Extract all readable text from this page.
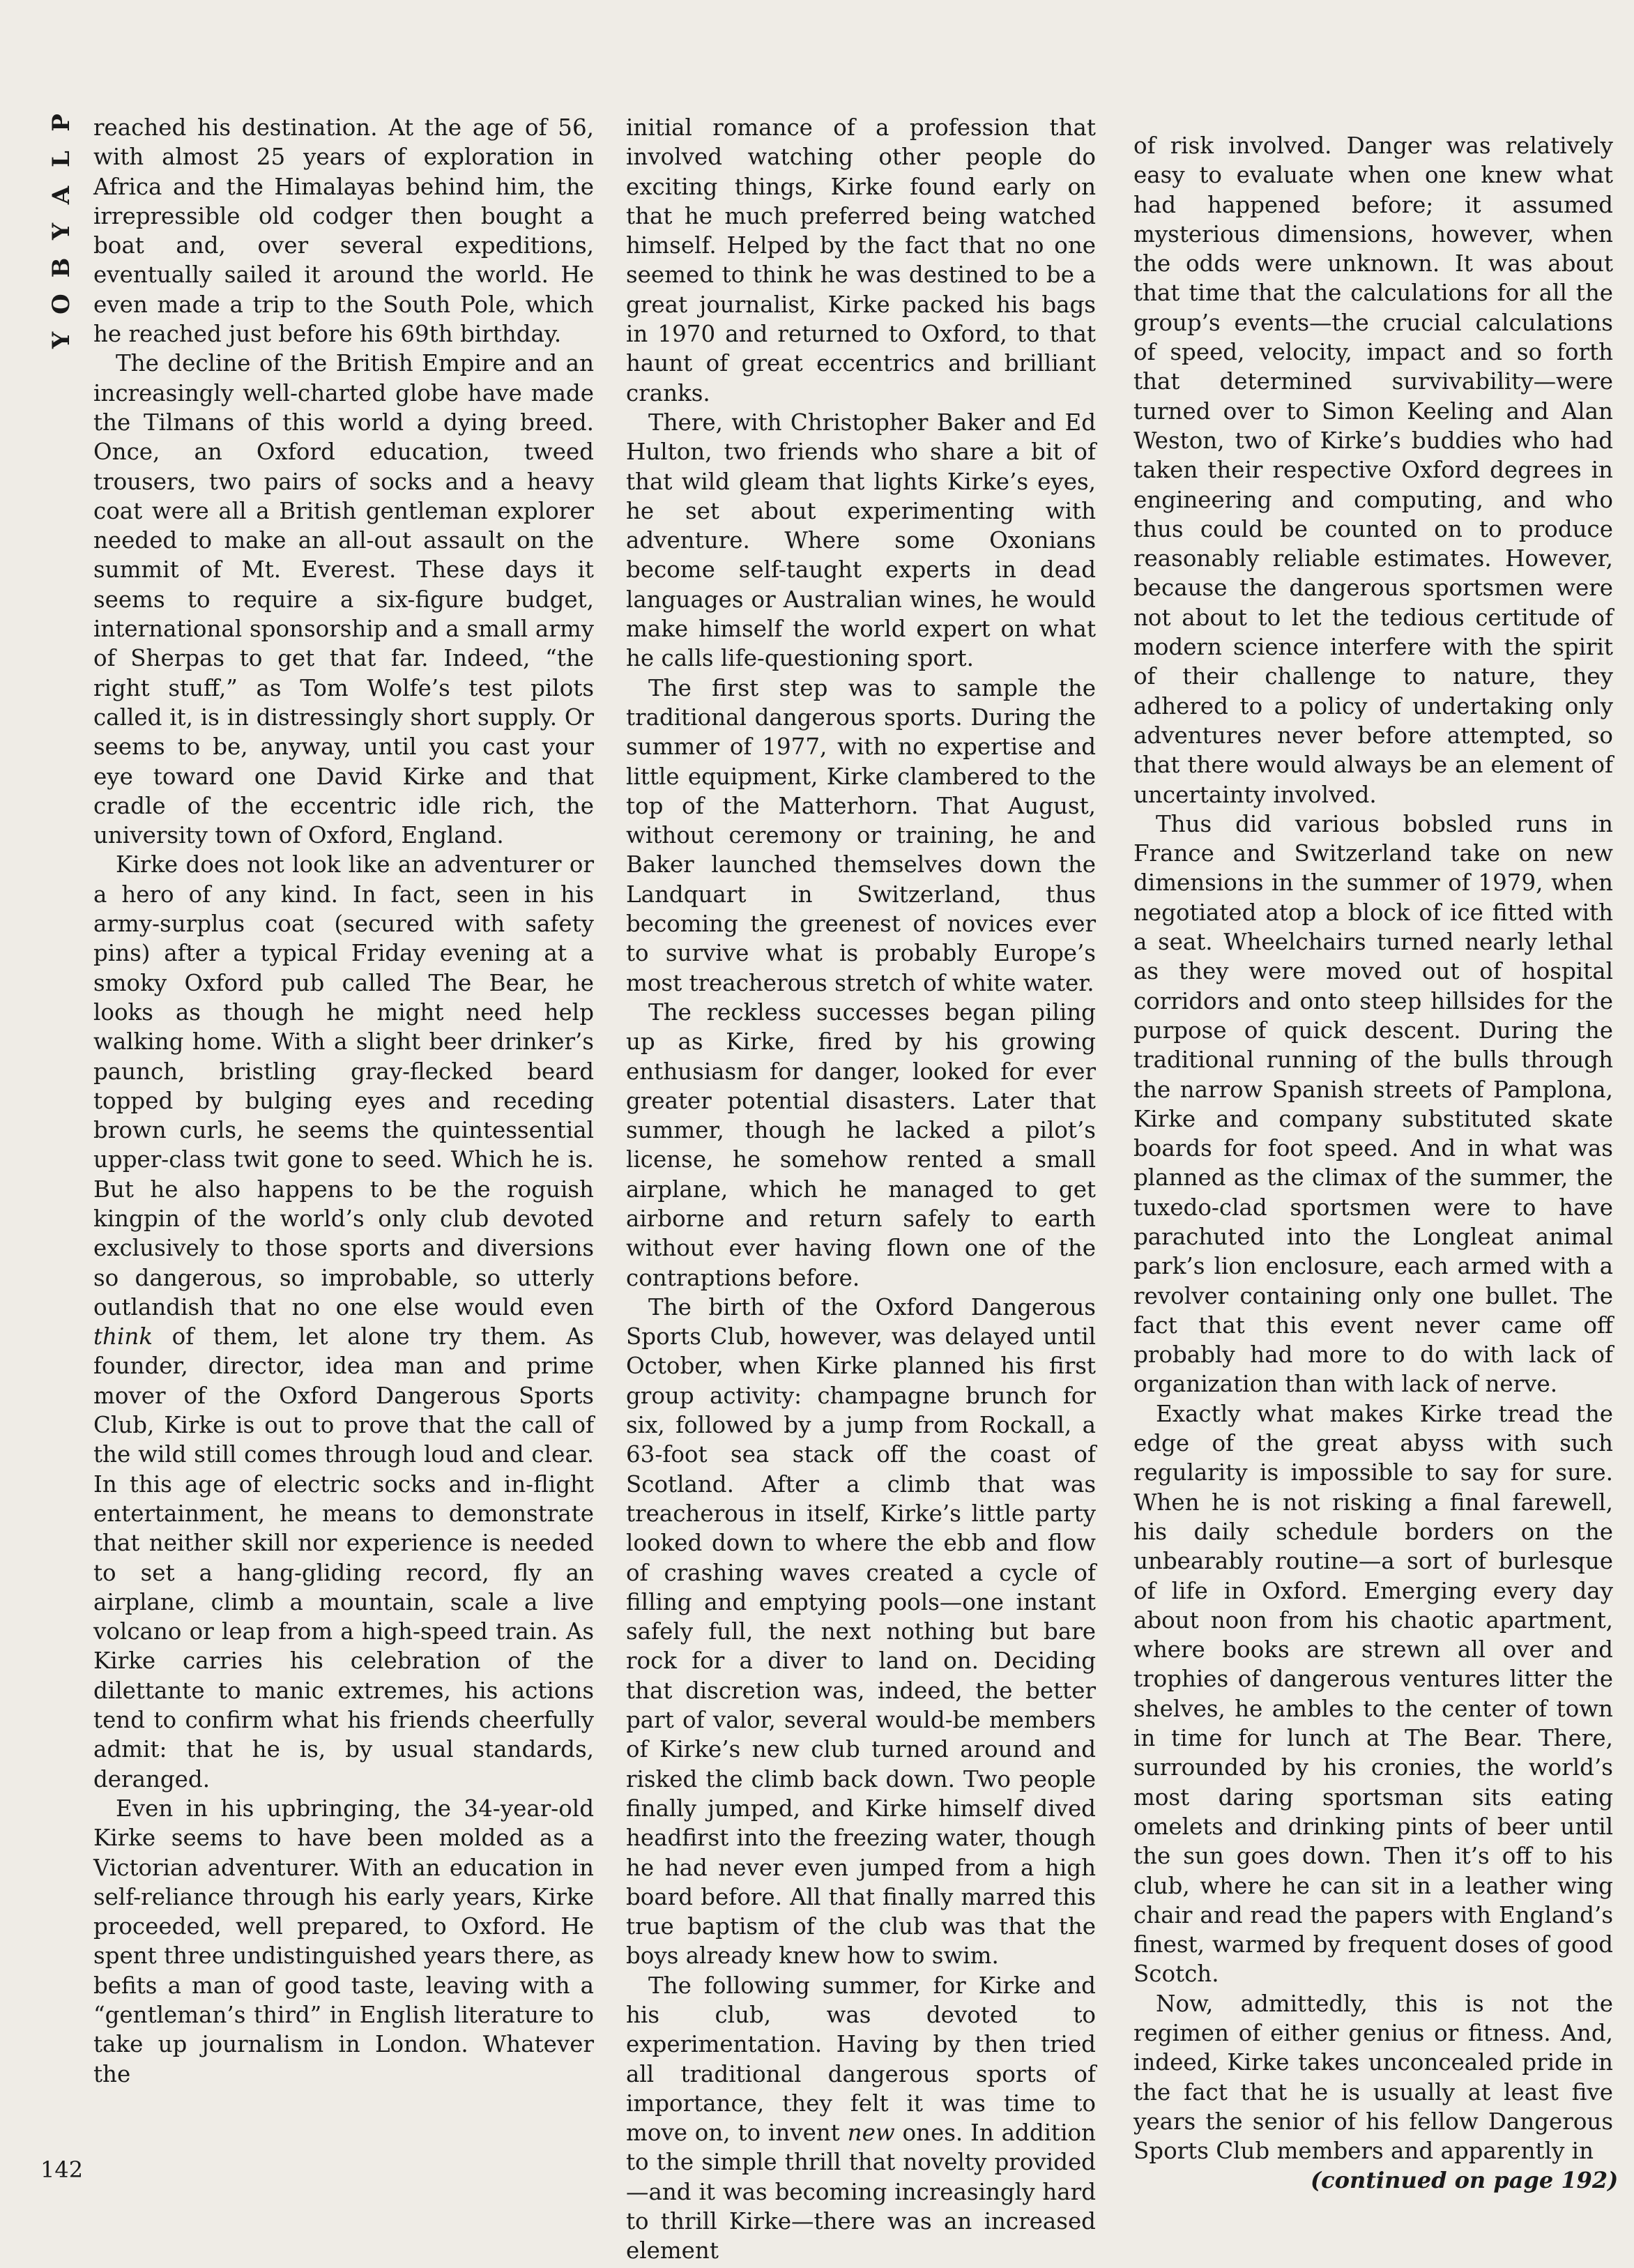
P
L
A
Y
B
O
Y

reached his destination. At the age of 56, with almost 25 years of exploration in Africa and the Himalayas behind him, the irrepressible old codger then bought a boat and, over several expeditions, eventually sailed it around the world. He even made a trip to the South Pole, which he reached just before his 69th birthday.

The decline of the British Empire and an increasingly well-charted globe have made the Tilmans of this world a dying breed. Once, an Oxford education, tweed trousers, two pairs of socks and a heavy coat were all a British gentleman explorer needed to make an all-out assault on the summit of Mt. Everest. These days it seems to require a six-figure budget, international sponsorship and a small army of Sherpas to get that far. Indeed, “the right stuff,” as Tom Wolfe’s test pilots called it, is in distressingly short supply. Or seems to be, anyway, until you cast your eye toward one David Kirke and that cradle of the eccentric idle rich, the university town of Oxford, England.

Kirke does not look like an adventurer or a hero of any kind. In fact, seen in his army-surplus coat (secured with safety pins) after a typical Friday evening at a smoky Oxford pub called The Bear, he looks as though he might need help walking home. With a slight beer drinker’s paunch, bristling gray-flecked beard topped by bulging eyes and receding brown curls, he seems the quintessential upper-class twit gone to seed. Which he is. But he also happens to be the roguish kingpin of the world’s only club devoted exclusively to those sports and diversions so dangerous, so improbable, so utterly outlandish that no one else would even think of them, let alone try them. As founder, director, idea man and prime mover of the Oxford Dangerous Sports Club, Kirke is out to prove that the call of the wild still comes through loud and clear. In this age of electric socks and in-flight entertainment, he means to demonstrate that neither skill nor experience is needed to set a hang-gliding record, fly an airplane, climb a mountain, scale a live volcano or leap from a high-speed train. As Kirke carries his celebration of the dilettante to manic extremes, his actions tend to confirm what his friends cheerfully admit: that he is, by usual standards, deranged.

Even in his upbringing, the 34-year-old Kirke seems to have been molded as a Victorian adventurer. With an education in self-reliance through his early years, Kirke proceeded, well prepared, to Oxford. He spent three undistinguished years there, as befits a man of good taste, leaving with a “gentleman’s third” in English literature to take up journalism in London. Whatever the

initial romance of a profession that involved watching other people do exciting things, Kirke found early on that he much preferred being watched himself. Helped by the fact that no one seemed to think he was destined to be a great journalist, Kirke packed his bags in 1970 and returned to Oxford, to that haunt of great eccentrics and brilliant cranks.

There, with Christopher Baker and Ed Hulton, two friends who share a bit of that wild gleam that lights Kirke’s eyes, he set about experimenting with adventure. Where some Oxonians become self-taught experts in dead languages or Australian wines, he would make himself the world expert on what he calls life-questioning sport.

The first step was to sample the traditional dangerous sports. During the summer of 1977, with no expertise and little equipment, Kirke clambered to the top of the Matterhorn. That August, without ceremony or training, he and Baker launched themselves down the Landquart in Switzerland, thus becoming the greenest of novices ever to survive what is probably Europe’s most treacherous stretch of white water.

The reckless successes began piling up as Kirke, fired by his growing enthusiasm for danger, looked for ever greater potential disasters. Later that summer, though he lacked a pilot’s license, he somehow rented a small airplane, which he managed to get airborne and return safely to earth without ever having flown one of the contraptions before.

The birth of the Oxford Dangerous Sports Club, however, was delayed until October, when Kirke planned his first group activity: champagne brunch for six, followed by a jump from Rockall, a 63-foot sea stack off the coast of Scotland. After a climb that was treacherous in itself, Kirke’s little party looked down to where the ebb and flow of crashing waves created a cycle of filling and emptying pools—one instant safely full, the next nothing but bare rock for a diver to land on. Deciding that discretion was, indeed, the better part of valor, several would-be members of Kirke’s new club turned around and risked the climb back down. Two people finally jumped, and Kirke himself dived headfirst into the freezing water, though he had never even jumped from a high board before. All that finally marred this true baptism of the club was that the boys already knew how to swim.

The following summer, for Kirke and his club, was devoted to experimentation. Having by then tried all traditional dangerous sports of importance, they felt it was time to move on, to invent new ones. In addition to the simple thrill that novelty provided—and it was becoming increasingly hard to thrill Kirke—there was an increased element

of risk involved. Danger was relatively easy to evaluate when one knew what had happened before; it assumed mysterious dimensions, however, when the odds were unknown. It was about that time that the calculations for all the group’s events—the crucial calculations of speed, velocity, impact and so forth that determined survivability—were turned over to Simon Keeling and Alan Weston, two of Kirke’s buddies who had taken their respective Oxford degrees in engineering and computing, and who thus could be counted on to produce reasonably reliable estimates. However, because the dangerous sportsmen were not about to let the tedious certitude of modern science interfere with the spirit of their challenge to nature, they adhered to a policy of undertaking only adventures never before attempted, so that there would always be an element of uncertainty involved.

Thus did various bobsled runs in France and Switzerland take on new dimensions in the summer of 1979, when negotiated atop a block of ice fitted with a seat. Wheelchairs turned nearly lethal as they were moved out of hospital corridors and onto steep hillsides for the purpose of quick descent. During the traditional running of the bulls through the narrow Spanish streets of Pamplona, Kirke and company substituted skate boards for foot speed. And in what was planned as the climax of the summer, the tuxedo-clad sportsmen were to have parachuted into the Longleat animal park’s lion enclosure, each armed with a revolver containing only one bullet. The fact that this event never came off probably had more to do with lack of organization than with lack of nerve.

Exactly what makes Kirke tread the edge of the great abyss with such regularity is impossible to say for sure. When he is not risking a final farewell, his daily schedule borders on the unbearably routine—a sort of burlesque of life in Oxford. Emerging every day about noon from his chaotic apartment, where books are strewn all over and trophies of dangerous ventures litter the shelves, he ambles to the center of town in time for lunch at The Bear. There, surrounded by his cronies, the world’s most daring sportsman sits eating omelets and drinking pints of beer until the sun goes down. Then it’s off to his club, where he can sit in a leather wing chair and read the papers with England’s finest, warmed by frequent doses of good Scotch.

Now, admittedly, this is not the regimen of either genius or fitness. And, indeed, Kirke takes unconcealed pride in the fact that he is usually at least five years the senior of his fellow Dangerous Sports Club members and apparently in

142	(continued on page 192)
